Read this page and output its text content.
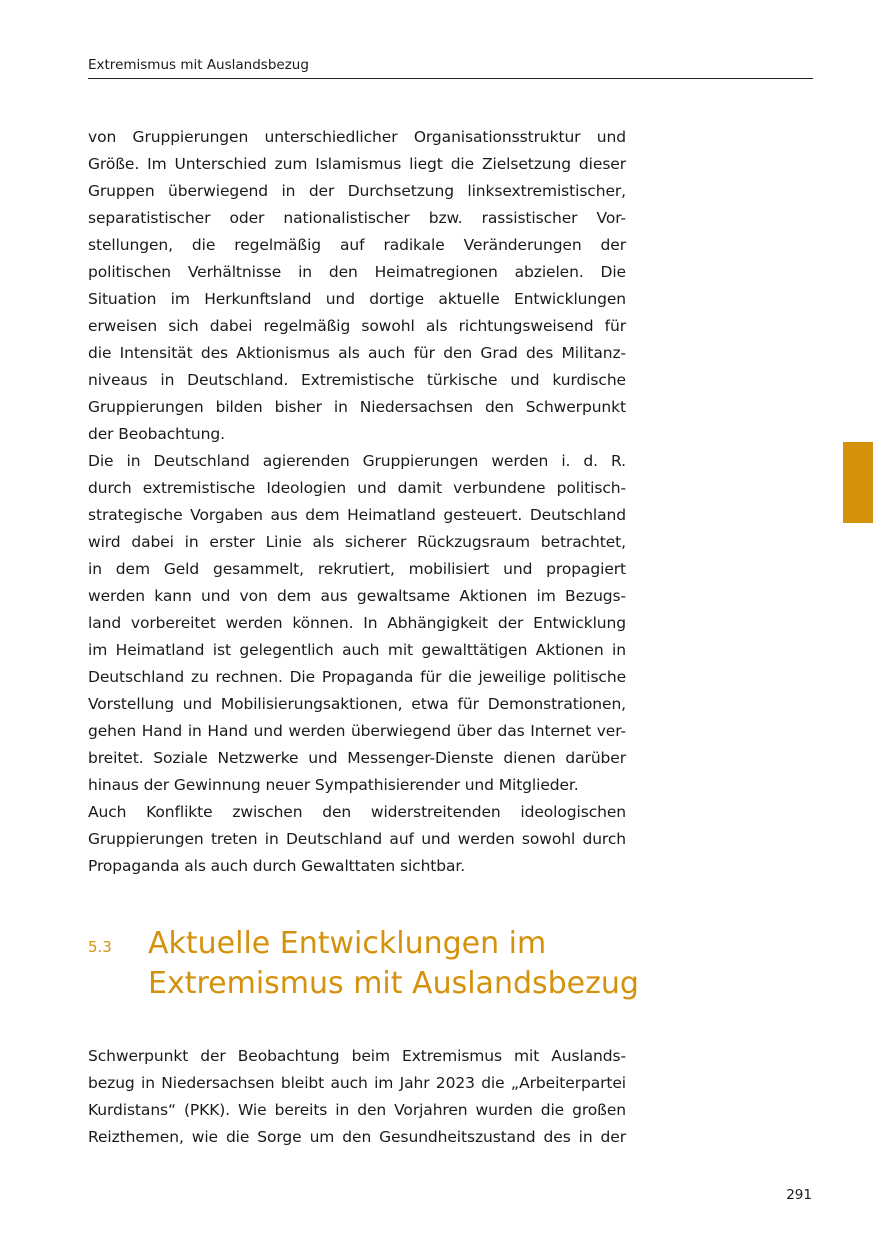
Extremismus mit Auslandsbezug

von Gruppierungen unterschiedlicher Organisationsstruktur und
Größe. Im Unterschied zum Islamismus liegt die Zielsetzung dieser
Gruppen überwiegend in der Durchsetzung linksextremistischer,
separatistischer oder nationalistischer bzw. rassistischer Vor-
stellungen, die regelmäßig auf radikale Veränderungen der
politischen Verhältnisse in den Heimatregionen abzielen. Die
Situation im Herkunftsland und dortige aktuelle Entwicklungen
erweisen sich dabei regelmäßig sowohl als richtungsweisend für
die Intensität des Aktionismus als auch für den Grad des Militanz-
niveaus in Deutschland. Extremistische türkische und kurdische
Gruppierungen bilden bisher in Niedersachsen den Schwerpunkt
der Beobachtung.

Die in Deutschland agierenden Gruppierungen werden i. d. R.
durch extremistische Ideologien und damit verbundene politisch-
strategische Vorgaben aus dem Heimatland gesteuert. Deutschland
wird dabei in erster Linie als sicherer Rückzugsraum betrachtet,
in dem Geld gesammelt, rekrutiert, mobilisiert und propagiert
werden kann und von dem aus gewaltsame Aktionen im Bezugs-
land vorbereitet werden können. In Abhängigkeit der Entwicklung
im Heimatland ist gelegentlich auch mit gewalttätigen Aktionen in
Deutschland zu rechnen. Die Propaganda für die jeweilige politische
Vorstellung und Mobilisierungsaktionen, etwa für Demonstrationen,
gehen Hand in Hand und werden überwiegend über das Internet ver-
breitet. Soziale Netzwerke und Messenger-Dienste dienen darüber
hinaus der Gewinnung neuer Sympathisierender und Mitglieder.

Auch Konflikte zwischen den widerstreitenden ideologischen
Gruppierungen treten in Deutschland auf und werden sowohl durch
Propaganda als auch durch Gewalttaten sichtbar.

5.3 Aktuelle Entwicklungen im
Extremismus mit Auslandsbezug

Schwerpunkt der Beobachtung beim Extremismus mit Auslands-
bezug in Niedersachsen bleibt auch im Jahr 2023 die „Arbeiterpartei
Kurdistans“ (PKK). Wie bereits in den Vorjahren wurden die großen
Reizthemen, wie die Sorge um den Gesundheitszustand des in der

291
